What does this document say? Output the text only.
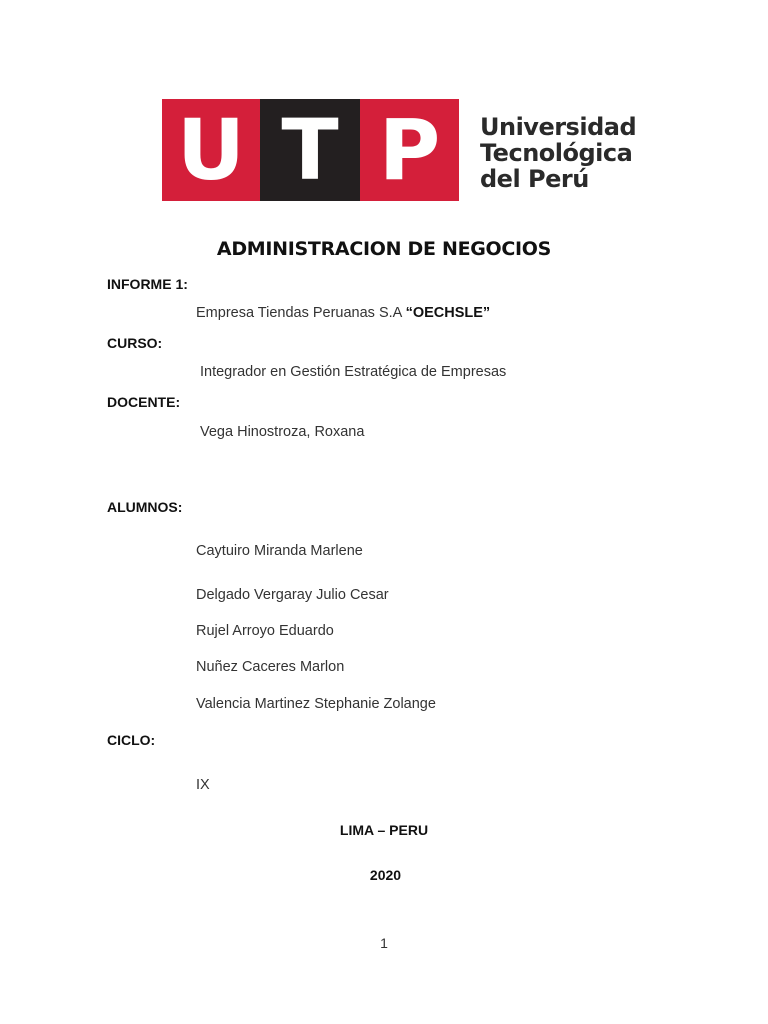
U T P	Universidad
Tecnológica
del Perú
ADMINISTRACION DE NEGOCIOS
INFORME 1:
Empresa Tiendas Peruanas S.A “OECHSLE”
CURSO:
Integrador en Gestión Estratégica de Empresas
DOCENTE:
Vega Hinostroza, Roxana
ALUMNOS:
Caytuiro Miranda Marlene
Delgado Vergaray Julio Cesar
Rujel Arroyo Eduardo
Nuñez Caceres Marlon
Valencia Martinez Stephanie Zolange
CICLO:
IX
LIMA – PERU
2020
1
